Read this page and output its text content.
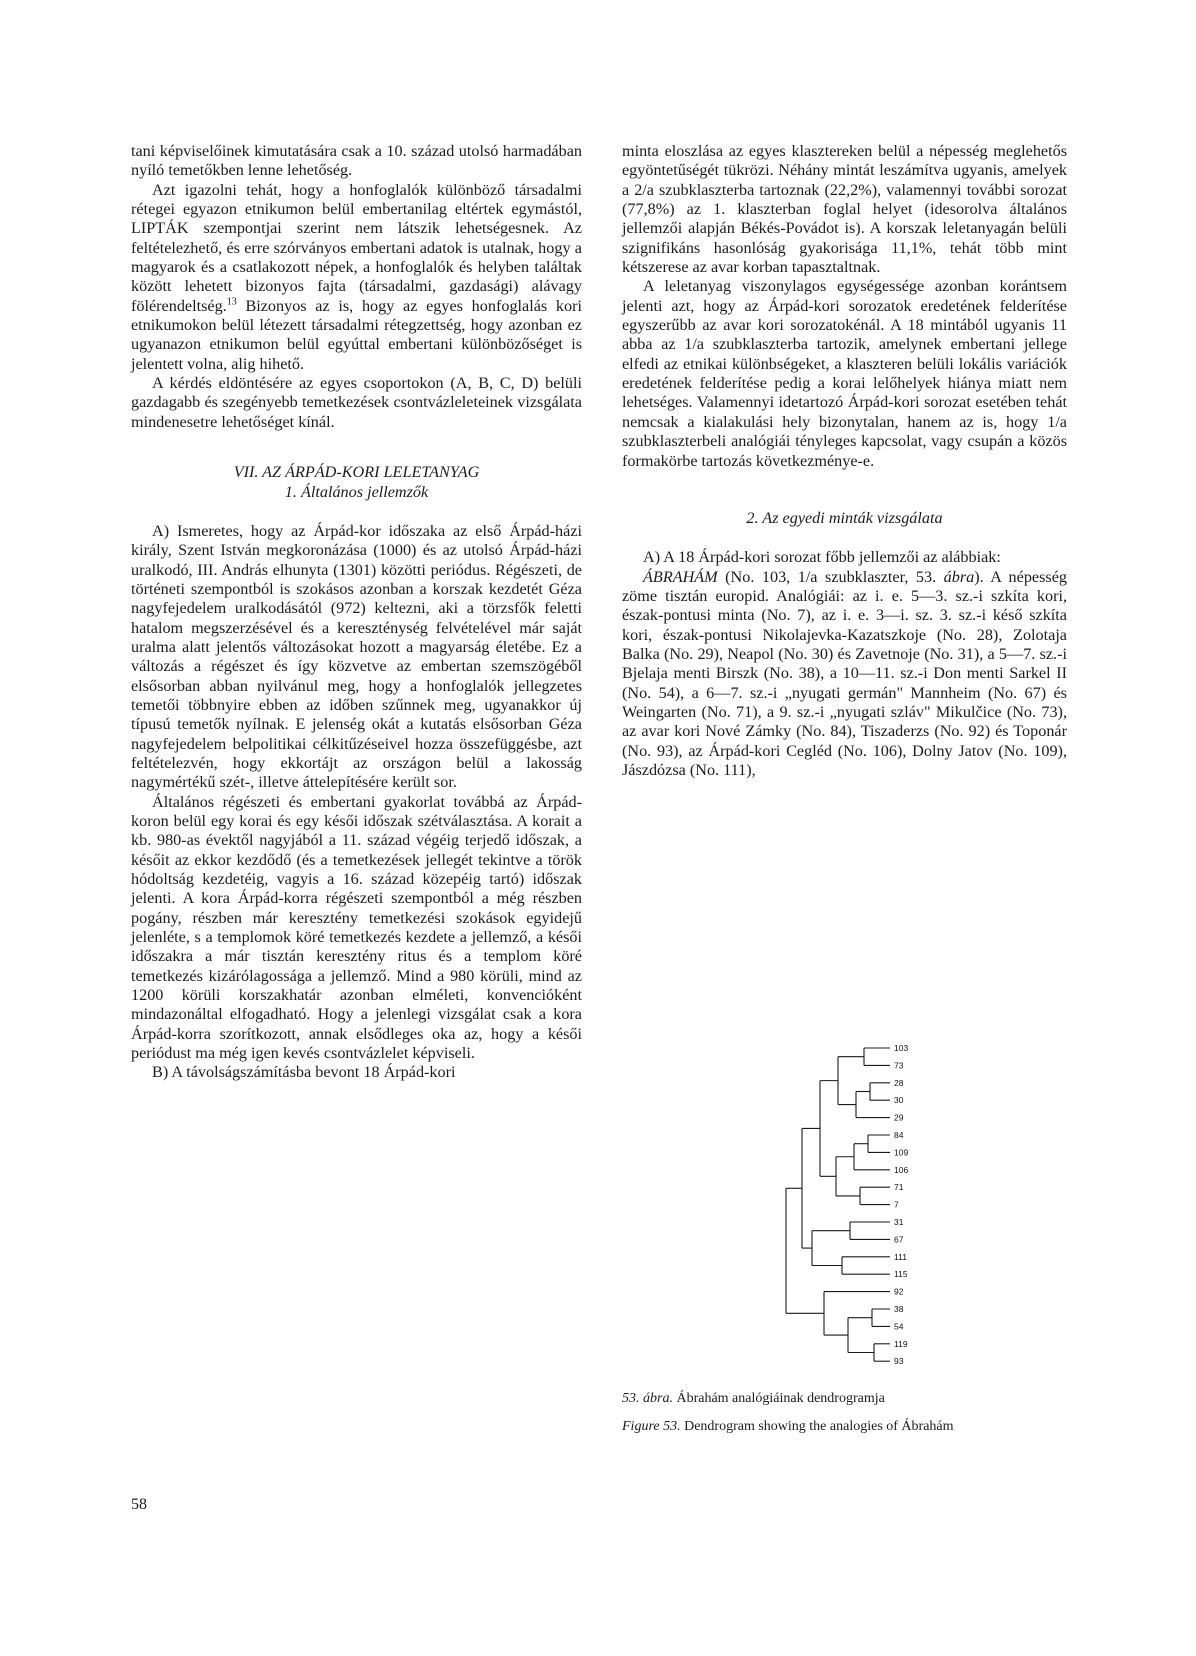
tani képviselőinek kimutatására csak a 10. század utolsó harmadában nyíló temetőkben lenne lehetőség.

Azt igazolni tehát, hogy a honfoglalók különböző társadalmi rétegei egyazon etnikumon belül embertanilag eltértek egymástól, LIPTÁK szempontjai szerint nem látszik lehetségesnek. Az feltételezhető, és erre szórványos embertani adatok is utalnak, hogy a magyarok és a csatlakozott népek, a honfoglalók és helyben találtak között lehetett bizonyos fajta (társadalmi, gazdasági) alávagy fölérendeltség.$^{13}$ Bizonyos az is, hogy az egyes honfoglalás kori etnikumokon belül létezett társadalmi rétegzettség, hogy azonban ez ugyanazon etnikumon belül egyúttal embertani különbözőséget is jelentett volna, alig hihető.

A kérdés eldöntésére az egyes csoportokon (A, B, C, D) belüli gazdagabb és szegényebb temetkezések csontvázleleteinek vizsgálata mindenesetre lehetőséget kínál.

VII. AZ ÁRPÁD-KORI LELETANYAG
1. Általános jellemzők

A) Ismeretes, hogy az Árpád-kor időszaka az első Árpád-házi király, Szent István megkoronázása (1000) és az utolsó Árpád-házi uralkodó, III. András elhunyta (1301) közötti periódus. Régészeti, de történeti szempontból is szokásos azonban a korszak kezdetét Géza nagyfejedelem uralkodásától (972) keltezni, aki a törzsfők feletti hatalom megszerzésével és a kereszténység felvételével már saját uralma alatt jelentős változásokat hozott a magyarság életébe. Ez a változás a régészet és így közvetve az embertan szemszögéből elsősorban abban nyilvánul meg, hogy a honfoglalók jellegzetes temetői többnyire ebben az időben szűnnek meg, ugyanakkor új típusú temetők nyílnak. E jelenség okát a kutatás elsősorban Géza nagyfejedelem belpolitikai célkitűzéseivel hozza összefüggésbe, azt feltételezvén, hogy ekkortájt az országon belül a lakosság nagymértékű szét-, illetve áttelepítésére került sor.

Általános régészeti és embertani gyakorlat továbbá az Árpád-koron belül egy korai és egy késői időszak szétválasztása. A korait a kb. 980-as évektől nagyjából a 11. század végéig terjedő időszak, a későit az ekkor kezdődő (és a temetkezések jellegét tekintve a török hódoltság kezdetéig, vagyis a 16. század közepéig tartó) időszak jelenti. A kora Árpád-korra régészeti szempontból a még részben pogány, részben már keresztény temetkezési szokások egyidejű jelenléte, s a templomok köré temetkezés kezdete a jellemző, a késői időszakra a már tisztán keresztény ritus és a templom köré temetkezés kizárólagossága a jellemző. Mind a 980 körüli, mind az 1200 körüli korszakhatár azonban elméleti, konvencióként mindazonáltal elfogadható. Hogy a jelenlegi vizsgálat csak a kora Árpád-korra szorítkozott, annak elsődleges oka az, hogy a késői periódust ma még igen kevés csontvázlelet képviseli.

B) A távolságszámításba bevont 18 Árpád-kori

minta eloszlása az egyes klasztereken belül a népesség meglehetős egyöntetűségét tükrözi. Néhány mintát leszámítva ugyanis, amelyek a 2/a szubklaszterba tartoznak (22,2%), valamennyi további sorozat (77,8%) az 1. klaszterban foglal helyet (idesorolva általános jellemzői alapján Békés-Povádot is). A korszak leletanyagán belüli szignifikáns hasonlóság gyakorisága 11,1%, tehát több mint kétszerese az avar korban tapasztaltnak.

A leletanyag viszonylagos egységessége azonban korántsem jelenti azt, hogy az Árpád-kori sorozatok eredetének felderítése egyszerűbb az avar kori sorozatokénál. A 18 mintából ugyanis 11 abba az 1/a szubklaszterba tartozik, amelynek embertani jellege elfedi az etnikai különbségeket, a klaszteren belüli lokális variációk eredetének felderítése pedig a korai lelőhelyek hiánya miatt nem lehetséges. Valamennyi idetartozó Árpád-kori sorozat esetében tehát nemcsak a kialakulási hely bizonytalan, hanem az is, hogy 1/a szubklaszterbeli analógiái tényleges kapcsolat, vagy csupán a közös formakörbe tartozás következménye-e.

2. Az egyedi minták vizsgálata

A) A 18 Árpád-kori sorozat főbb jellemzői az alábbiak:

ÁBRAHÁM (No. 103, 1/a szubklaszter, 53. ábra). A népesség zöme tisztán europid. Analógiái: az i. e. 5—3. sz.-i szkíta kori, észak-pontusi minta (No. 7), az i. e. 3—i. sz. 3. sz.-i késő szkíta kori, észak-pontusi Nikolajevka-Kazatszkoje (No. 28), Zolotaja Balka (No. 29), Neapol (No. 30) és Zavetnoje (No. 31), a 5—7. sz.-i Bjelaja menti Birszk (No. 38), a 10—11. sz.-i Don menti Sarkel II (No. 54), a 6—7. sz.-i „nyugati germán" Mannheim (No. 67) és Weingarten (No. 71), a 9. sz.-i „nyugati szláv" Mikulčice (No. 73), az avar kori Nové Zámky (No. 84), Tiszaderzs (No. 92) és Toponár (No. 93), az Árpád-kori Cegléd (No. 106), Dolny Jatov (No. 109), Jászdózsa (No. 111),

103
73
28
30
29
84
109
106
71
7
31
67
111
115
92
38
54
119
93
53. ábra. Ábrahám analógiáinak dendrogramja
Figure 53. Dendrogram showing the analogies of Ábrahám
58
